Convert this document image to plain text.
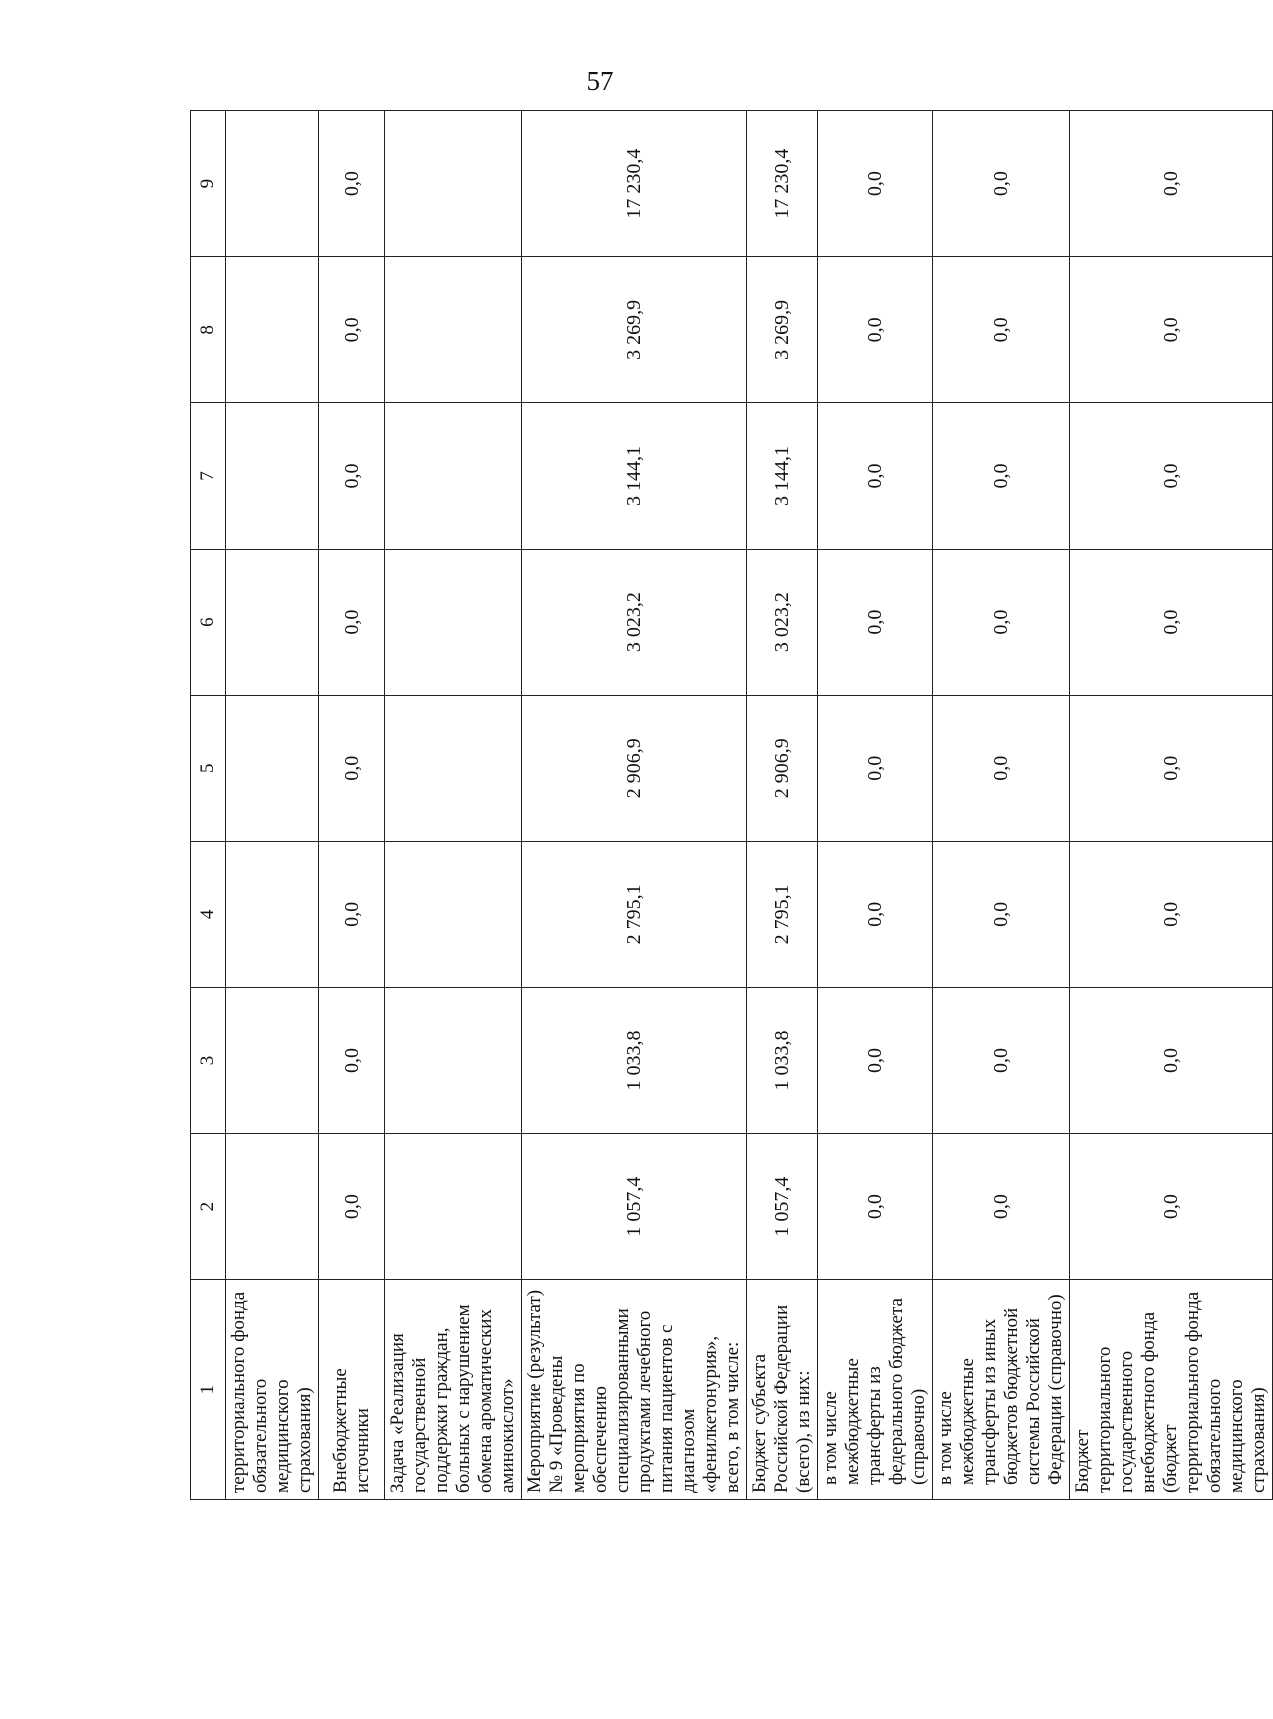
57
1	2	3	4	5	6	7	8	9
территориального фонда обязательного медицинского страхования)								
Внебюджетные источники	0,0	0,0	0,0	0,0	0,0	0,0	0,0	0,0
Задача «Реализация государственной поддержки граждан, больных с нарушением обмена ароматических аминокислот»								
Мероприятие (результат) № 9 «Проведены мероприятия по обеспечению специализированными продуктами лечебного питания пациентов с диагнозом «фенилкетонурия», всего, в том числе:	1 057,4	1 033,8	2 795,1	2 906,9	3 023,2	3 144,1	3 269,9	17 230,4
Бюджет субъекта Российской Федерации (всего), из них:	1 057,4	1 033,8	2 795,1	2 906,9	3 023,2	3 144,1	3 269,9	17 230,4
в том числе межбюджетные трансферты из федерального бюджета (справочно)	0,0	0,0	0,0	0,0	0,0	0,0	0,0	0,0
в том числе межбюджетные трансферты из иных бюджетов бюджетной системы Российской Федерации (справочно)	0,0	0,0	0,0	0,0	0,0	0,0	0,0	0,0
Бюджет территориального государственного внебюджетного фонда (бюджет территориального фонда обязательного медицинского страхования)	0,0	0,0	0,0	0,0	0,0	0,0	0,0	0,0
